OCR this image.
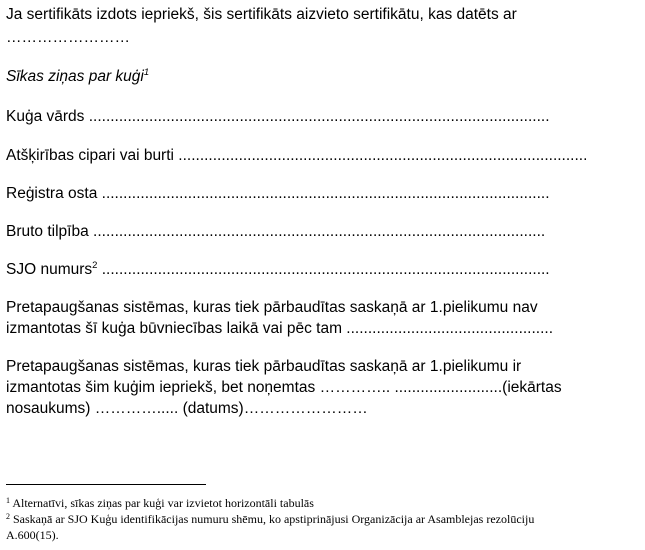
Ja sertifikāts izdots iepriekš, šis sertifikāts aizvieto sertifikātu, kas datēts ar
……………………
Sīkas ziņas par kuģi$^1$
Kuģa vārds ...........................................................................................................
Atšķirības cipari vai burti ...............................................................................................
Reģistra osta ........................................................................................................
Bruto tilpība .........................................................................................................
SJO numurs$^2$ ........................................................................................................
Pretapaugšanas sistēmas, kuras tiek pārbaudītas saskaņā ar 1.pielikumu nav
izmantotas šī kuģa būvniecības laikā vai pēc tam ................................................
Pretapaugšanas sistēmas, kuras tiek pārbaudītas saskaņā ar 1.pielikumu ir
izmantotas šim kuģim iepriekš, bet noņemtas ………….. .........................(iekārtas
nosaukums) …………..... (datums)……………………
$^1$ Alternatīvi, sīkas ziņas par kuģi var izvietot horizontāli tabulās
$^2$ Saskaņā ar SJO Kuģu identifikācijas numuru shēmu, ko apstiprinājusi Organizācija ar Asamblejas rezolūciju
A.600(15).
